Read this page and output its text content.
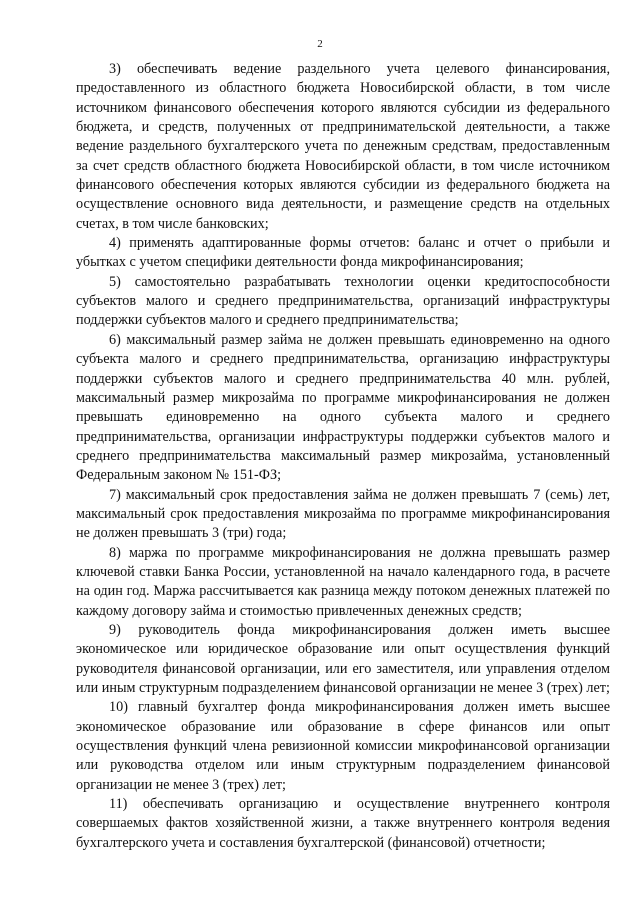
2

3) обеспечивать ведение раздельного учета целевого финансирования, предоставленного из областного бюджета Новосибирской области, в том числе источником финансового обеспечения которого являются субсидии из федерального бюджета, и средств, полученных от предпринимательской деятельности, а также ведение раздельного бухгалтерского учета по денежным средствам, предоставленным за счет средств областного бюджета Новосибирской области, в том числе источником финансового обеспечения которых являются субсидии из федерального бюджета на осуществление основного вида деятельности, и размещение средств на отдельных счетах, в том числе банковских;

4) применять адаптированные формы отчетов: баланс и отчет о прибыли и убытках с учетом специфики деятельности фонда микрофинансирования;

5) самостоятельно разрабатывать технологии оценки кредитоспособности субъектов малого и среднего предпринимательства, организаций инфраструктуры поддержки субъектов малого и среднего предпринимательства;

6) максимальный размер займа не должен превышать единовременно на одного субъекта малого и среднего предпринимательства, организацию инфраструктуры поддержки субъектов малого и среднего предпринимательства 40 млн. рублей, максимальный размер микрозайма по программе микрофинансирования не должен превышать единовременно на одного субъекта малого и среднего предпринимательства, организации инфраструктуры поддержки субъектов малого и среднего предпринимательства максимальный размер микрозайма, установленный Федеральным законом № 151-ФЗ;

7) максимальный срок предоставления займа не должен превышать 7 (семь) лет, максимальный срок предоставления микрозайма по программе микрофинансирования не должен превышать 3 (три) года;

8) маржа по программе микрофинансирования не должна превышать размер ключевой ставки Банка России, установленной на начало календарного года, в расчете на один год. Маржа рассчитывается как разница между потоком денежных платежей по каждому договору займа и стоимостью привлеченных денежных средств;

9) руководитель фонда микрофинансирования должен иметь высшее экономическое или юридическое образование или опыт осуществления функций руководителя финансовой организации, или его заместителя, или управления отделом или иным структурным подразделением финансовой организации не менее 3 (трех) лет;

10) главный бухгалтер фонда микрофинансирования должен иметь высшее экономическое образование или образование в сфере финансов или опыт осуществления функций члена ревизионной комиссии микрофинансовой организации или руководства отделом или иным структурным подразделением финансовой организации не менее 3 (трех) лет;

11) обеспечивать организацию и осуществление внутреннего контроля совершаемых фактов хозяйственной жизни, а также внутреннего контроля ведения бухгалтерского учета и составления бухгалтерской (финансовой) отчетности;
